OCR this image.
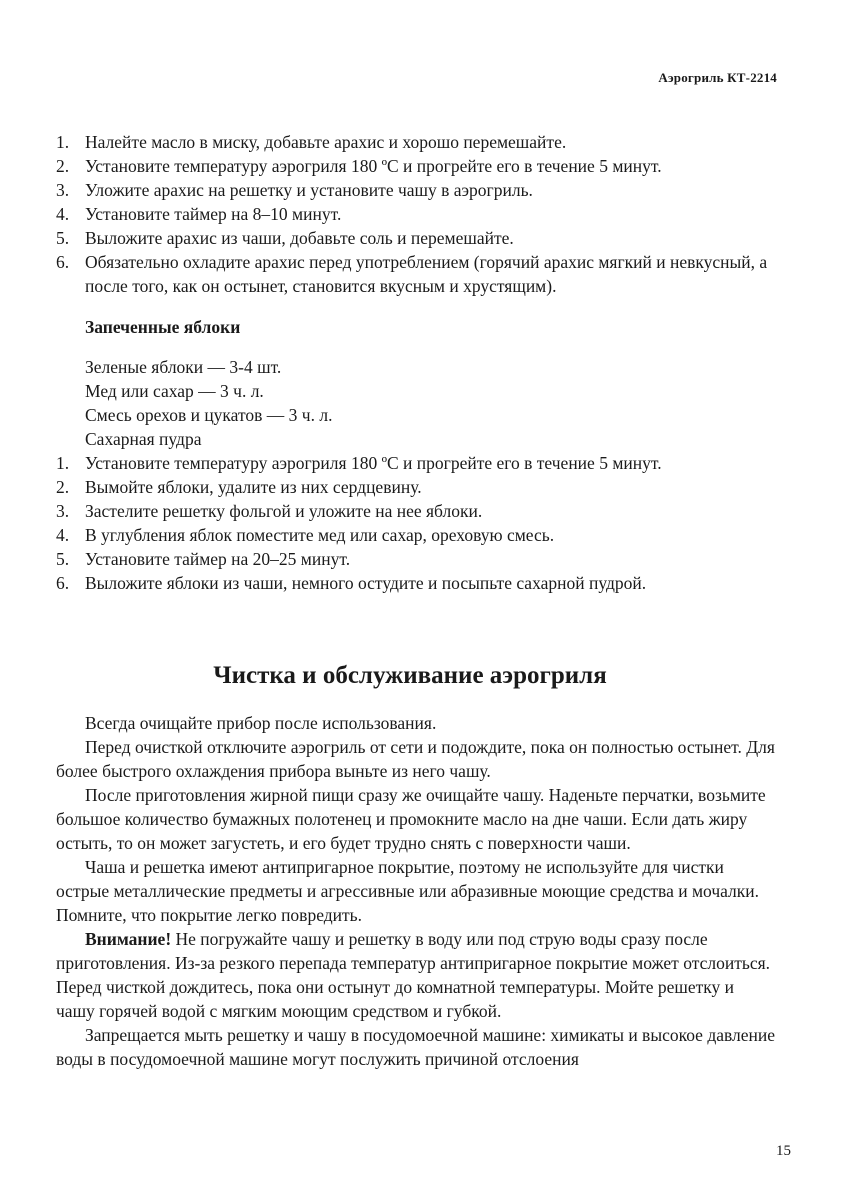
Аэрогриль КТ-2214
1. Налейте масло в миску, добавьте арахис и хорошо перемешайте.
2. Установите температуру аэрогриля 180 ºС и прогрейте его в течение 5 минут.
3. Уложите арахис на решетку и установите чашу в аэрогриль.
4. Установите таймер на 8–10 минут.
5. Выложите арахис из чаши, добавьте соль и перемешайте.
6. Обязательно охладите арахис перед употреблением (горячий арахис мягкий и невкусный, а после того, как он остынет, становится вкусным и хрустящим).
Запеченные яблоки
Зеленые яблоки — 3-4 шт.
Мед или сахар — 3 ч. л.
Смесь орехов и цукатов — 3 ч. л.
Сахарная пудра
1. Установите температуру аэрогриля 180 ºС и прогрейте его в течение 5 минут.
2. Вымойте яблоки, удалите из них сердцевину.
3. Застелите решетку фольгой и уложите на нее яблоки.
4. В углубления яблок поместите мед или сахар, ореховую смесь.
5. Установите таймер на 20–25 минут.
6. Выложите яблоки из чаши, немного остудите и посыпьте сахарной пудрой.
Чистка и обслуживание аэрогриля

Всегда очищайте прибор после использования.

Перед очисткой отключите аэрогриль от сети и подождите, пока он полностью остынет. Для более быстрого охлаждения прибора выньте из него чашу.

После приготовления жирной пищи сразу же очищайте чашу. Наденьте перчатки, возьмите большое количество бумажных полотенец и промокните масло на дне чаши. Если дать жиру остыть, то он может загустеть, и его будет трудно снять с поверхности чаши.

Чаша и решетка имеют антипригарное покрытие, поэтому не используйте для чистки острые металлические предметы и агрессивные или абразивные моющие средства и мочалки. Помните, что покрытие легко повредить.

Внимание! Не погружайте чашу и решетку в воду или под струю воды сразу после приготовления. Из-за резкого перепада температур антипригарное покрытие может отслоиться. Перед чисткой дождитесь, пока они остынут до комнатной температуры. Мойте решетку и чашу горячей водой с мягким моющим средством и губкой.

Запрещается мыть решетку и чашу в посудомоечной машине: химикаты и высокое давление воды в посудомоечной машине могут послужить причиной отслоения

15
